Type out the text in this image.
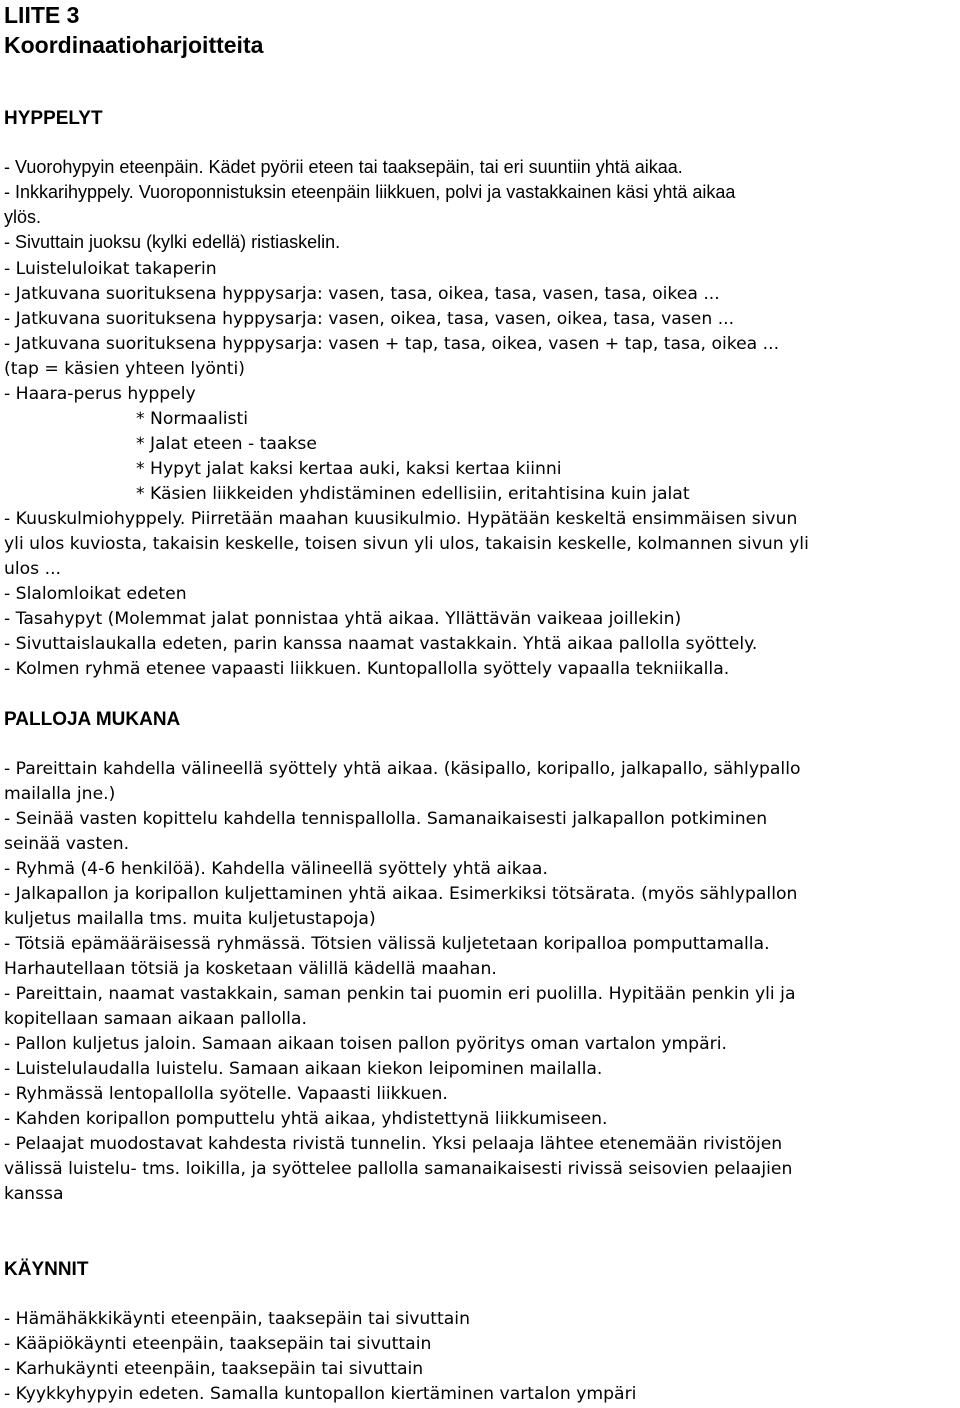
LIITE 3
Koordinaatioharjoitteita
HYPPELYT
- Vuorohypyin eteenpäin. Kädet pyörii eteen tai taaksepäin, tai eri suuntiin yhtä aikaa.
- Inkkarihyppely. Vuoroponnistuksin eteenpäin liikkuen, polvi ja vastakkainen käsi yhtä aikaa
ylös.
- Sivuttain juoksu (kylki edellä) ristiaskelin.
- Luisteluloikat takaperin
- Jatkuvana suorituksena hyppysarja: vasen, tasa, oikea, tasa, vasen, tasa, oikea ...
- Jatkuvana suorituksena hyppysarja: vasen, oikea, tasa, vasen, oikea, tasa, vasen ...
- Jatkuvana suorituksena hyppysarja: vasen + tap, tasa, oikea, vasen + tap, tasa, oikea ...
(tap = käsien yhteen lyönti)
- Haara-perus hyppely
* Normaalisti
* Jalat eteen - taakse
* Hypyt jalat kaksi kertaa auki, kaksi kertaa kiinni
* Käsien liikkeiden yhdistäminen edellisiin, eritahtisina kuin jalat
- Kuuskulmiohyppely. Piirretään maahan kuusikulmio. Hypätään keskeltä ensimmäisen sivun
yli ulos kuviosta, takaisin keskelle, toisen sivun yli ulos, takaisin keskelle, kolmannen sivun yli
ulos ...
- Slalomloikat edeten
- Tasahypyt (Molemmat jalat ponnistaa yhtä aikaa. Yllättävän vaikeaa joillekin)
- Sivuttaislaukalla edeten, parin kanssa naamat vastakkain. Yhtä aikaa pallolla syöttely.
- Kolmen ryhmä etenee vapaasti liikkuen. Kuntopallolla syöttely vapaalla tekniikalla.
PALLOJA MUKANA
- Pareittain kahdella välineellä syöttely yhtä aikaa. (käsipallo, koripallo, jalkapallo, sählypallo
mailalla jne.)
- Seinää vasten kopittelu kahdella tennispallolla. Samanaikaisesti jalkapallon potkiminen
seinää vasten.
- Ryhmä (4-6 henkilöä). Kahdella välineellä syöttely yhtä aikaa.
- Jalkapallon ja koripallon kuljettaminen yhtä aikaa. Esimerkiksi tötsärata. (myös sählypallon
kuljetus mailalla tms. muita kuljetustapoja)
- Tötsiä epämääräisessä ryhmässä. Tötsien välissä kuljetetaan koripalloa pomputtamalla.
Harhautellaan tötsiä ja kosketaan välillä kädellä maahan.
- Pareittain, naamat vastakkain, saman penkin tai puomin eri puolilla. Hypitään penkin yli ja
kopitellaan samaan aikaan pallolla.
- Pallon kuljetus jaloin. Samaan aikaan toisen pallon pyöritys oman vartalon ympäri.
- Luistelulaudalla luistelu. Samaan aikaan kiekon leipominen mailalla.
- Ryhmässä lentopallolla syötelle. Vapaasti liikkuen.
- Kahden koripallon pomputtelu yhtä aikaa, yhdistettynä liikkumiseen.
- Pelaajat muodostavat kahdesta rivistä tunnelin. Yksi pelaaja lähtee etenemään rivistöjen
välissä luistelu- tms. loikilla, ja syöttelee pallolla samanaikaisesti rivissä seisovien pelaajien
kanssa
KÄYNNIT
- Hämähäkkikäynti eteenpäin, taaksepäin tai sivuttain
- Kääpiökäynti eteenpäin, taaksepäin tai sivuttain
- Karhukäynti eteenpäin, taaksepäin tai sivuttain
- Kyykkyhypyin edeten. Samalla kuntopallon kiertäminen vartalon ympäri
